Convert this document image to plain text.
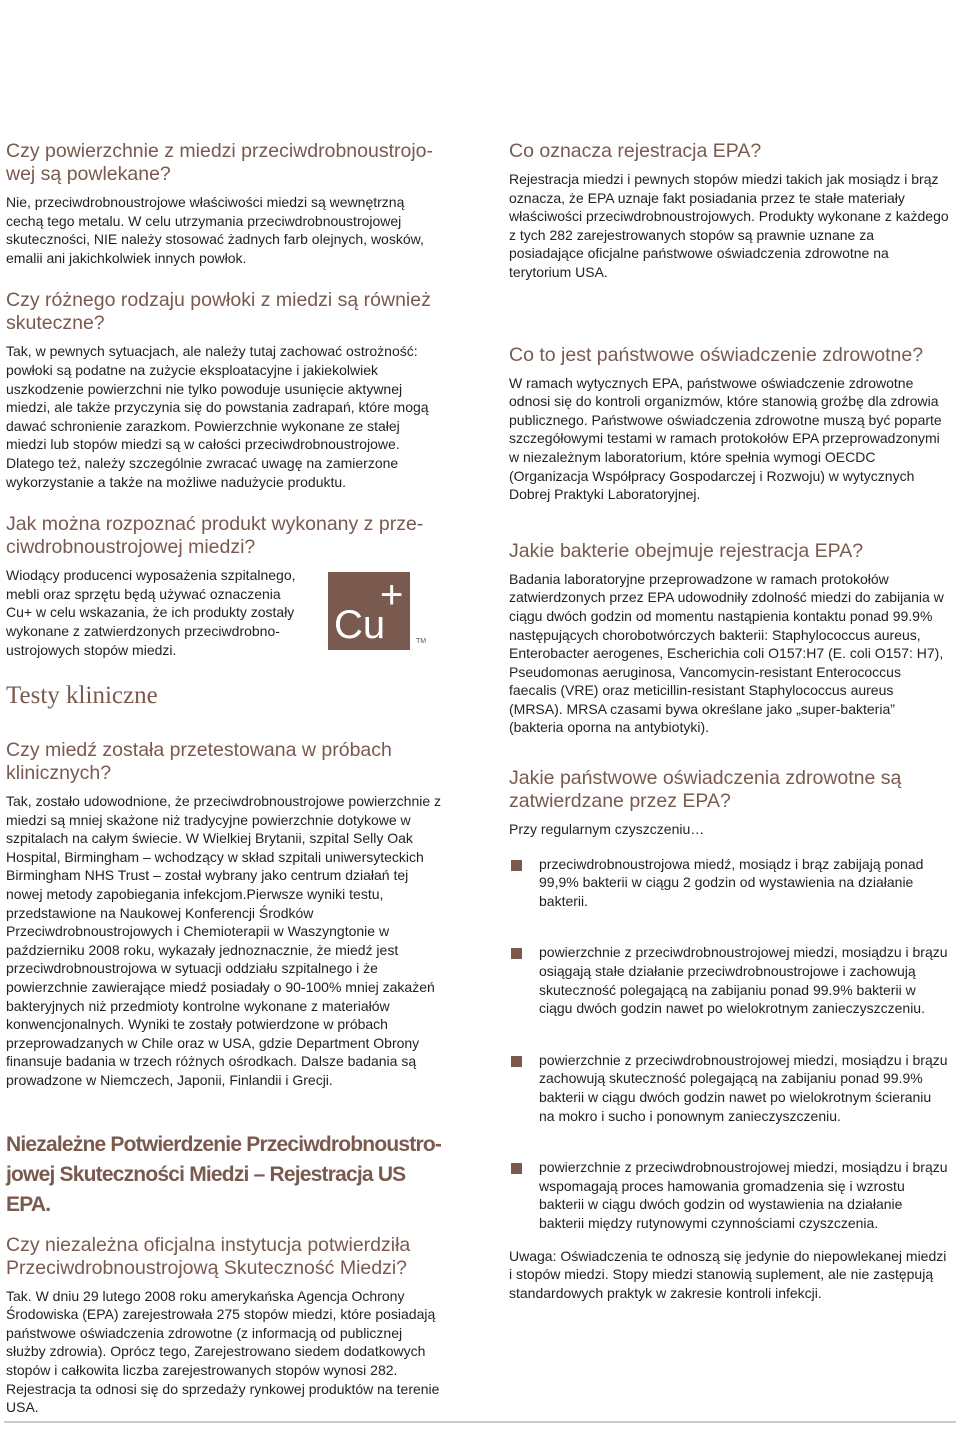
Czy powierzchnie z miedzi przeciwdrobnoustrojo-wej są powlekane?

Nie, przeciwdrobnoustrojowe właściwości miedzi są wewnętrzną cechą tego metalu. W celu utrzymania przeciwdrobnoustrojowej skuteczności, NIE należy stosować żadnych farb olejnych, wosków, emalii ani jakichkolwiek innych powłok.

Czy różnego rodzaju powłoki z miedzi są również skuteczne?

Tak, w pewnych sytuacjach, ale należy tutaj zachować ostrożność: powłoki są podatne na zużycie eksploatacyjne i jakiekolwiek uszkodzenie powierzchni nie tylko powoduje usunięcie aktywnej miedzi, ale także przyczynia się do powstania zadrapań, które mogą dawać schronienie zarazkom. Powierzchnie wykonane ze stałej miedzi lub stopów miedzi są w całości przeciwdrobnoustrojowe. Dlatego też, należy szczególnie zwracać uwagę na zamierzone wykorzystanie a także na możliwe nadużycie produktu.

Jak można rozpoznać produkt wykonany z prze-ciwdrobnoustrojowej miedzi?

Wiodący producenci wyposażenia szpitalnego, mebli oraz sprzętu będą używać oznaczenia Cu+ w celu wskazania, że ich produkty zostały wykonane z zatwierdzonych przeciwdrobno-ustrojowych stopów miedzi.

Cu
+
TM
Testy kliniczne
Czy miedź została przetestowana w próbach klinicznych?

Tak, zostało udowodnione, że przeciwdrobnoustrojowe powierzchnie z miedzi są mniej skażone niż tradycyjne powierzchnie dotykowe w szpitalach na całym świecie. W Wielkiej Brytanii, szpital Selly Oak Hospital, Birmingham – wchodzący w skład szpitali uniwersyteckich Birmingham NHS Trust – został wybrany jako centrum działań tej nowej metody zapobiegania infekcjom.Pierwsze wyniki testu, przedstawione na Naukowej Konferencji Środków Przeciwdrobnoustrojowych i Chemioterapii w Waszyngtonie w październiku 2008 roku, wykazały jednoznacznie, że miedź jest przeciwdrobnoustrojowa w sytuacji oddziału szpitalnego i że powierzchnie zawierające miedź posiadały o 90-100% mniej zakażeń bakteryjnych niż przedmioty kontrolne wykonane z materiałów konwencjonalnych. Wyniki te zostały potwierdzone w próbach przeprowadzanych w Chile oraz w USA, gdzie Department Obrony finansuje badania w trzech różnych ośrodkach. Dalsze badania są prowadzone w Niemczech, Japonii, Finlandii i Grecji.

Niezależne Potwierdzenie Przeciwdrobnoustro-jowej Skuteczności Miedzi – Rejestracja US EPA.
Czy niezależna oficjalna instytucja potwierdziła Przeciwdrobnoustrojową Skuteczność Miedzi?

Tak. W dniu 29 lutego 2008 roku amerykańska Agencja Ochrony Środowiska (EPA) zarejestrowała 275 stopów miedzi, które posiadają państwowe oświadczenia zdrowotne (z informacją od publicznej służby zdrowia). Oprócz tego, Zarejestrowano siedem dodatkowych stopów i całkowita liczba zarejestrowanych stopów wynosi 282. Rejestracja ta odnosi się do sprzedaży rynkowej produktów na terenie USA.

Co oznacza rejestracja EPA?

Rejestracja miedzi i pewnych stopów miedzi takich jak mosiądz i brąz oznacza, że EPA uznaje fakt posiadania przez te stałe materiały właściwości przeciwdrobnoustrojowych. Produkty wykonane z każdego z tych 282 zarejestrowanych stopów są prawnie uznane za posiadające oficjalne państwowe oświadczenia zdrowotne na terytorium USA.

Co to jest państwowe oświadczenie zdrowotne?

W ramach wytycznych EPA, państwowe oświadczenie zdrowotne odnosi się do kontroli organizmów, które stanowią groźbę dla zdrowia publicznego. Państwowe oświadczenia zdrowotne muszą być poparte szczegółowymi testami w ramach protokołów EPA przeprowadzonymi w niezależnym laboratorium, które spełnia wymogi OECDC (Organizacja Współpracy Gospodarczej i Rozwoju) w wytycznych Dobrej Praktyki Laboratoryjnej.

Jakie bakterie obejmuje rejestracja EPA?

Badania laboratoryjne przeprowadzone w ramach protokołów zatwierdzonych przez EPA udowodniły zdolność miedzi do zabijania w ciągu dwóch godzin od momentu nastąpienia kontaktu ponad 99.9% następujących chorobotwórczych bakterii: Staphylococcus aureus, Enterobacter aerogenes, Escherichia coli O157:H7 (E. coli O157: H7), Pseudomonas aeruginosa, Vancomycin-resistant Enterococcus faecalis (VRE) oraz meticillin-resistant Staphylococcus aureus (MRSA). MRSA czasami bywa określane jako „super-bakteria” (bakteria oporna na antybiotyki).

Jakie państwowe oświadczenia zdrowotne są zatwierdzane przez EPA?

Przy regularnym czyszczeniu…

przeciwdrobnoustrojowa miedź, mosiądz i brąz zabijają ponad 99,9% bakterii w ciągu 2 godzin od wystawienia na działanie bakterii.

powierzchnie z przeciwdrobnoustrojowej miedzi, mosiądzu i brązu osiągają stałe działanie przeciwdrobnoustrojowe i zachowują skuteczność polegającą na zabijaniu ponad 99.9% bakterii w ciągu dwóch godzin nawet po wielokrotnym zanieczyszczeniu.

powierzchnie z przeciwdrobnoustrojowej miedzi, mosiądzu i brązu zachowują skuteczność polegającą na zabijaniu ponad 99.9% bakterii w ciągu dwóch godzin nawet po wielokrotnym ścieraniu na mokro i sucho i ponownym zanieczyszczeniu.

powierzchnie z przeciwdrobnoustrojowej miedzi, mosiądzu i brązu wspomagają proces hamowania gromadzenia się i wzrostu bakterii w ciągu dwóch godzin od wystawienia na działanie bakterii między rutynowymi czynnościami czyszczenia.

Uwaga: Oświadczenia te odnoszą się jedynie do niepowlekanej miedzi i stopów miedzi. Stopy miedzi stanowią suplement, ale nie zastępują standardowych praktyk w zakresie kontroli infekcji.
